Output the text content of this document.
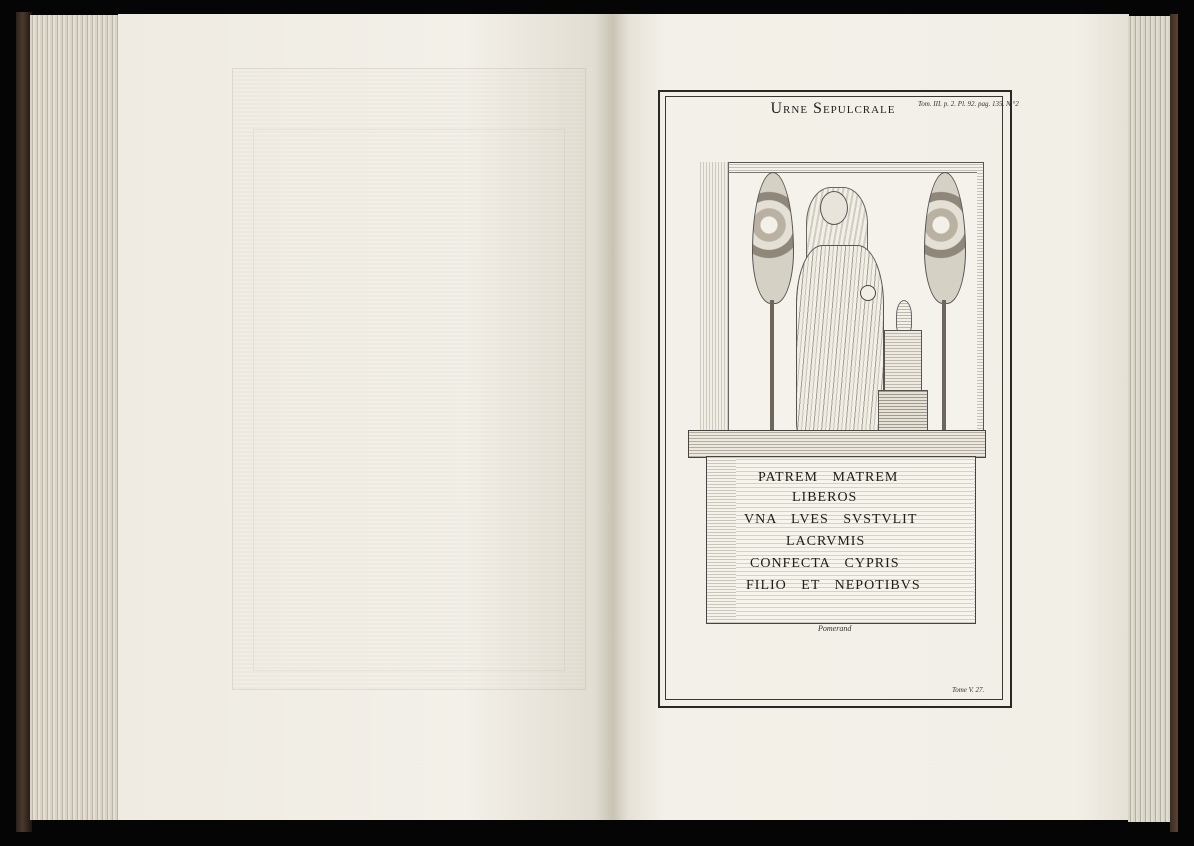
Urne Sepulcrale	Tom. III. p. 2. Pl. 92. pag. 135. N.°2
PATREM MATREM
LIBEROS
VNA LVES SVSTVLIT
LACRVMIS
CONFECTA CYPRIS
FILIO ET NEPOTIBVS
Pomerand
Tome V. 27.
